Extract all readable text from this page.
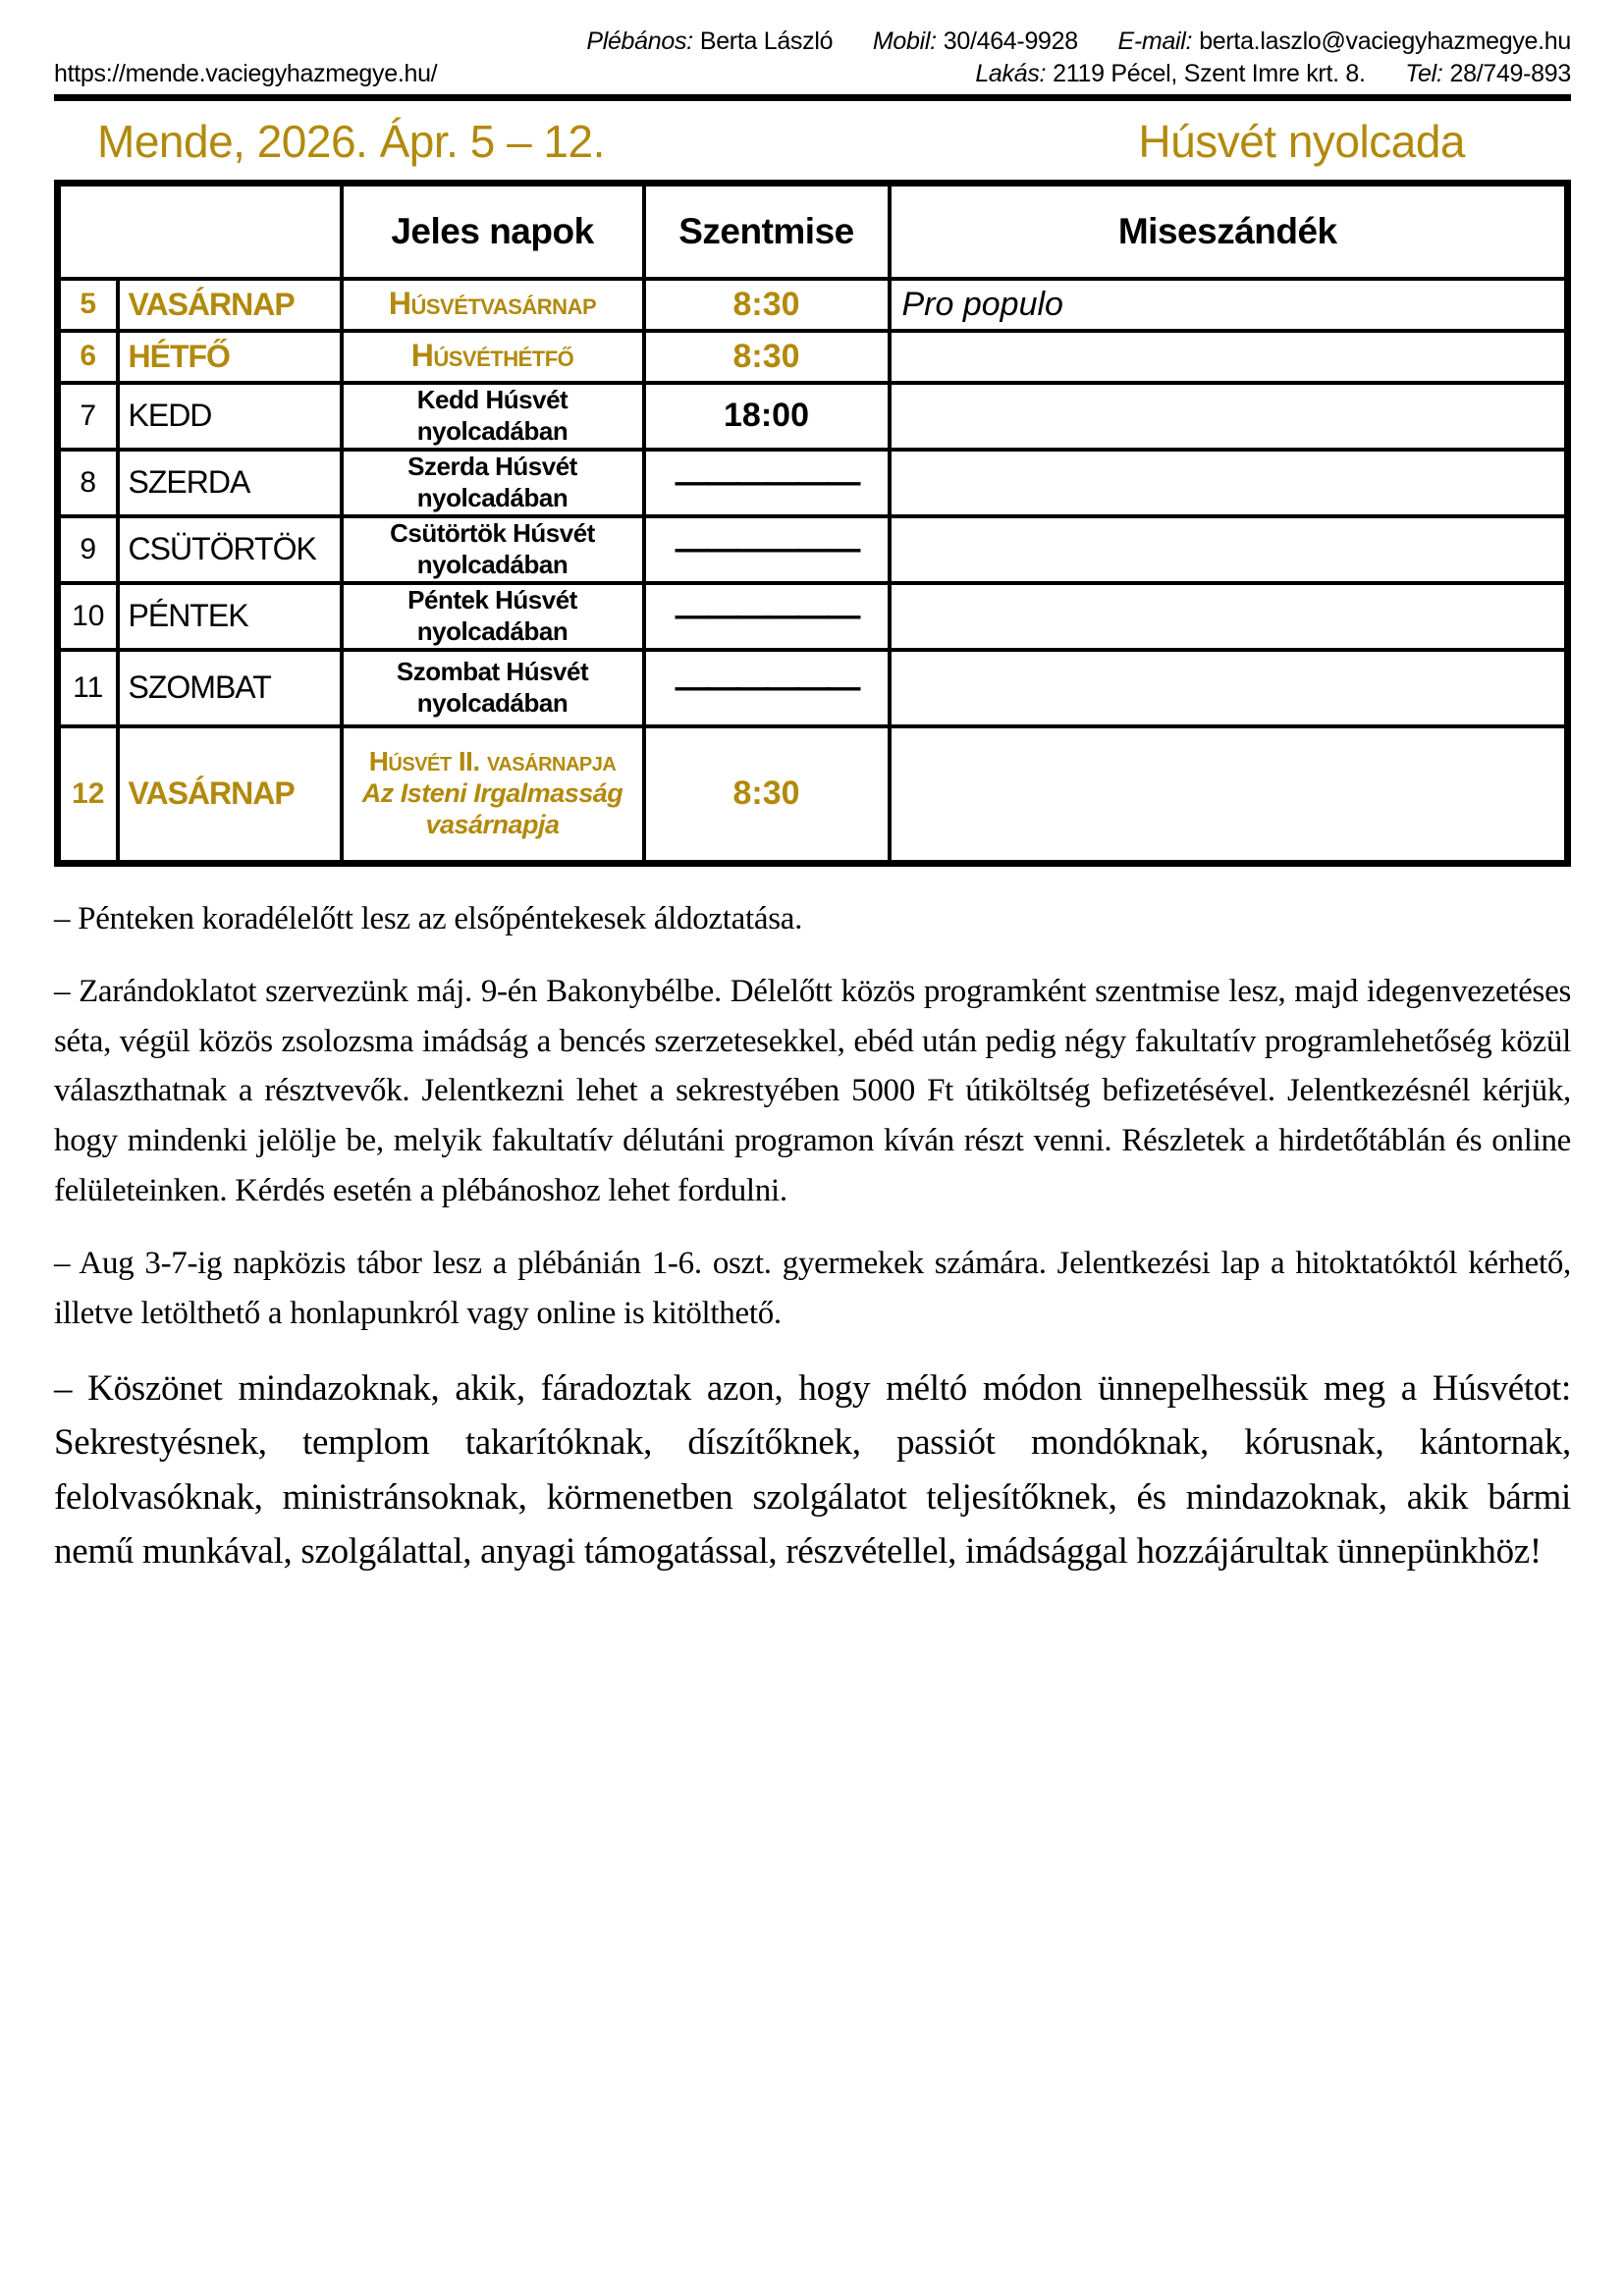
Plébános: Berta László Mobil: 30/464-9928 E-mail: berta.laszlo@vaciegyhazmegye.hu
https://mende.vaciegyhazmegye.hu/	Lakás: 2119 Pécel, Szent Imre krt. 8. Tel: 28/749-893
Mende, 2026. Ápr. 5 – 12.	Húsvét nyolcada
		Jeles napok	Szentmise	Miseszándék
5	VASÁRNAP	Húsvétvasárnap	8:30	Pro populo
6	HÉTFŐ	Húsvéthétfő	8:30	
7	KEDD	Kedd Húsvét nyolcadában	18:00	
8	SZERDA	Szerda Húsvét nyolcadában	——————	
9	CSÜTÖRTÖK	Csütörtök Húsvét nyolcadában	——————	
10	PÉNTEK	Péntek Húsvét nyolcadában	——————	
11	SZOMBAT	Szombat Húsvét nyolcadában	——————	
12	VASÁRNAP	Húsvét II. vasárnapja
Az Isteni Irgalmasság vasárnapja	8:30	

– Pénteken koradélelőtt lesz az elsőpéntekesek áldoztatása.

– Zarándoklatot szervezünk máj. 9-én Bakonybélbe. Délelőtt közös programként szentmise lesz, majd idegenvezetéses séta, végül közös zsolozsma imádság a bencés szerzetesekkel, ebéd után pedig négy fakultatív programlehetőség közül választhatnak a résztvevők. Jelentkezni lehet a sekrestyében 5000 Ft útiköltség befizetésével. Jelentkezésnél kérjük, hogy mindenki jelölje be, melyik fakultatív délutáni programon kíván részt venni. Részletek a hirdetőtáblán és online felületeinken. Kérdés esetén a plébánoshoz lehet fordulni.

– Aug 3-7-ig napközis tábor lesz a plébánián 1-6. oszt. gyermekek számára. Jelentkezési lap a hitoktatóktól kérhető, illetve letölthető a honlapunkról vagy online is kitölthető.

– Köszönet mindazoknak, akik, fáradoztak azon, hogy méltó módon ünnepelhessük meg a Húsvétot: Sekrestyésnek, templom takarítóknak, díszítőknek, passiót mondóknak, kórusnak, kántornak, felolvasóknak, ministránsoknak, körmenetben szolgálatot teljesítőknek, és mindazoknak, akik bármi nemű munkával, szolgálattal, anyagi támogatással, részvétellel, imádsággal hozzájárultak ünnepünkhöz!
